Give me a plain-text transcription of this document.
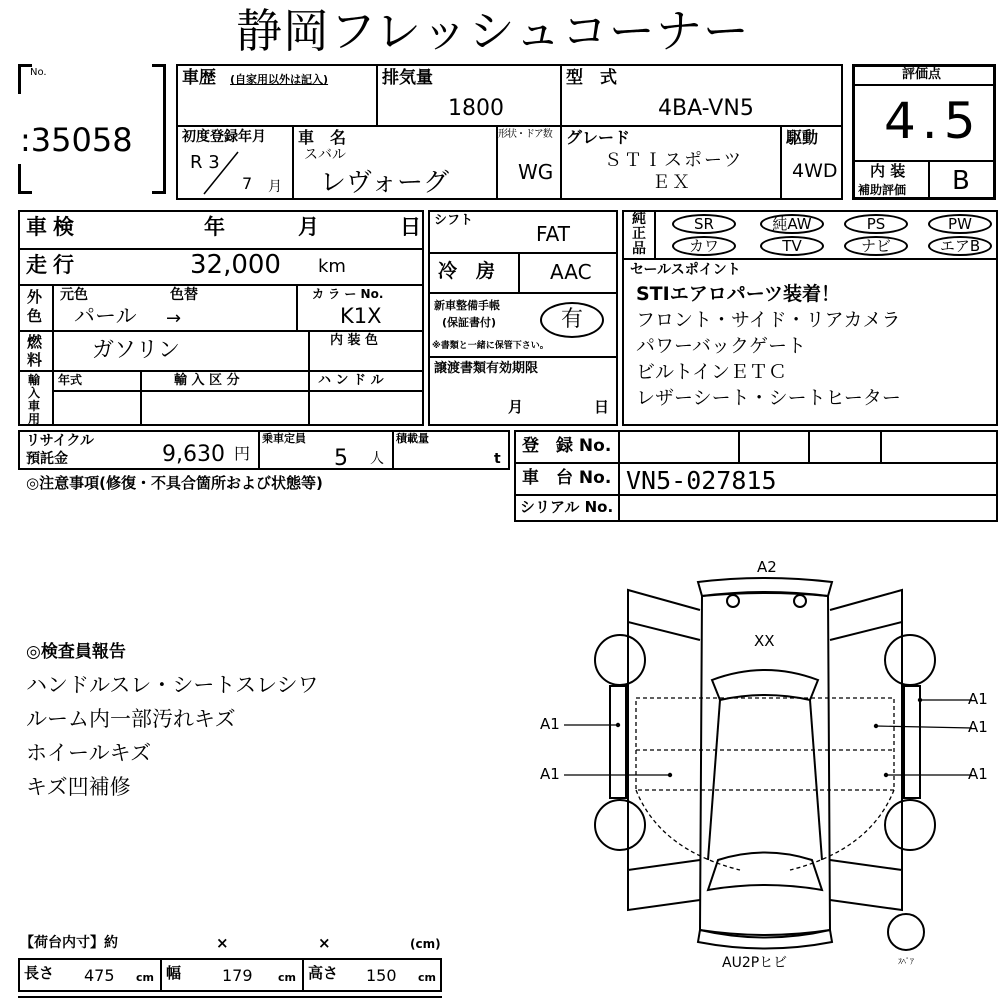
静岡フレッシュコーナー
No.
:35058
車歴 (自家用以外は記入)	排気量
1800
型　式
4BA-VN5
初度登録年月
R 3
7 月
車　名
スバル
レヴォーグ
形状・ドア数
WG
グレード
ＳＴＩスポーツ
ＥＸ
駆動
4WD
評価点
4.5
内 装
補助評価 B
車検	年	月	日
走行	32,000 km
外色
元色	色替
パール →
カ ラ ー No.
K1X
燃料 ガソリン	内 装 色
輸入車用
年式	輸 入 区 分	ハ ン ド ル
シフト
FAT
冷　房	AAC
新車整備手帳
(保証書付)	有
※書類と一緒に保管下さい。
譲渡書類有効期限
月	日
純正品
SR	純AW	PS	PW
カワ	TV	ナビ	エアB
セールスポイント
STIエアロパーツ装着！
フロント・サイド・リアカメラ
パワーバックゲート
ビルトインＥＴＣ
レザーシート・シートヒーター
リサイクル
預託金	9,630 円
乗車定員
5 人
積載量
t
登　録 No.
車　台 No. VN5-027815
シリアル No.
◎注意事項(修復・不具合箇所および状態等)
◎検査員報告
ハンドルスレ・シートスレシワ
ルーム内一部汚れキズ
ホイールキズ
キズ凹補修
A2
XX
A1
A1
A1
A1
A1
AU2Pヒビ	ｽﾍﾟｱ
【荷台内寸】約	×	×	(cm)
長さ 475 cm 幅	179 cm 高さ 150 cm
